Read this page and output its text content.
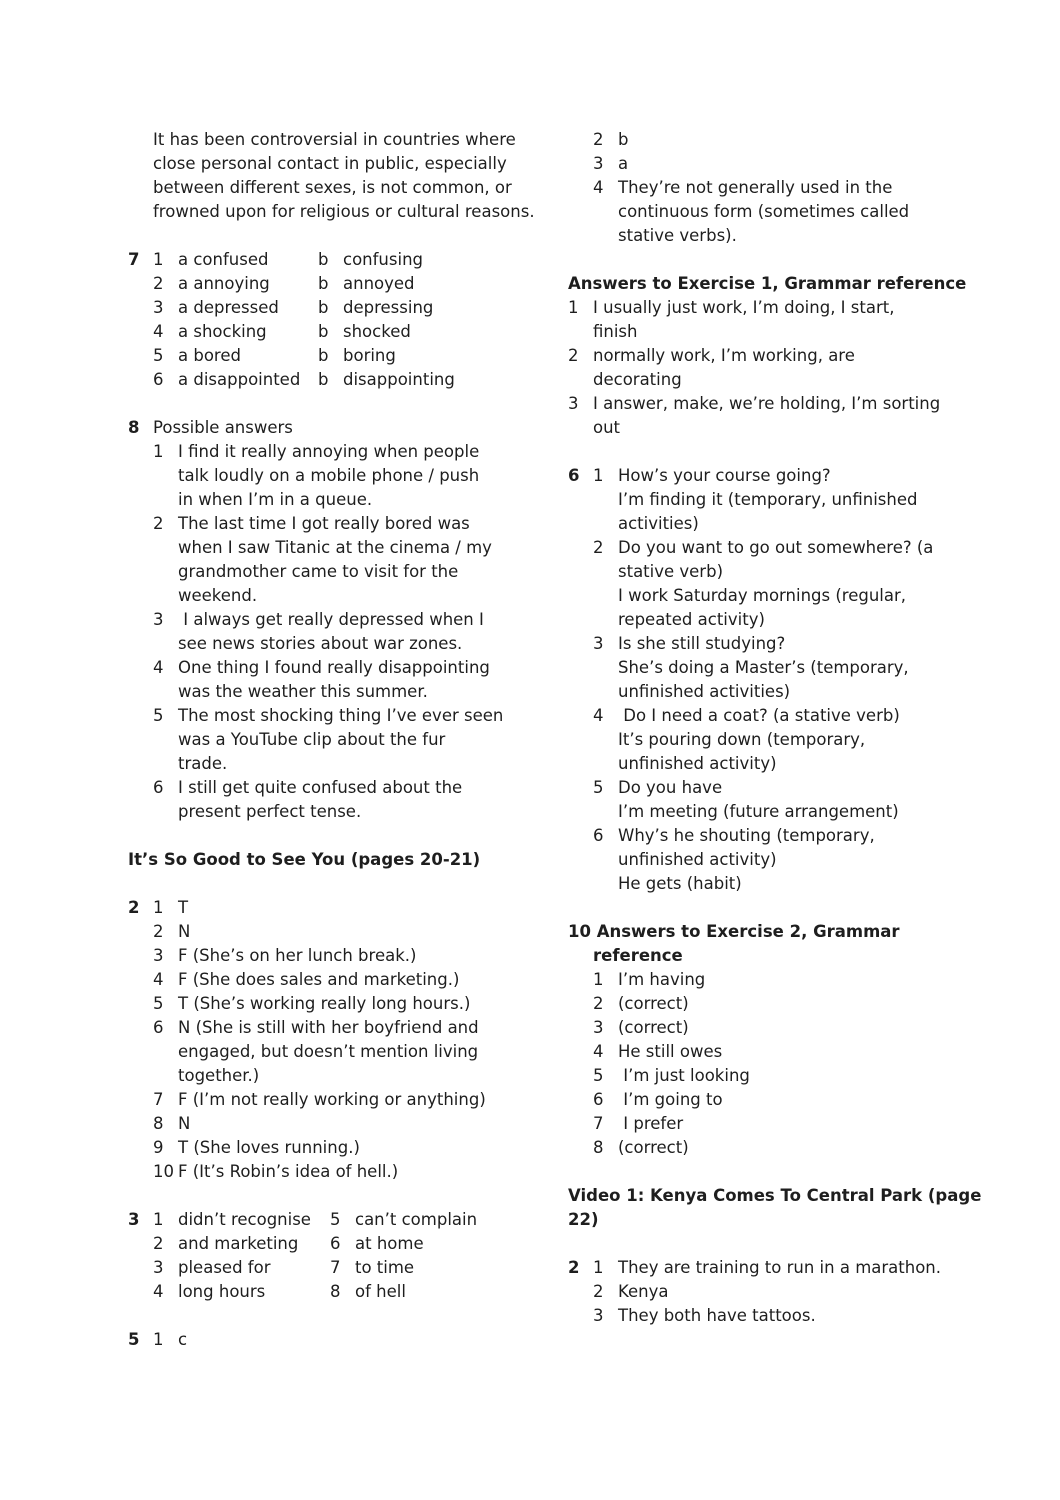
It has been controversial in countries where
close personal contact in public, especially
between different sexes, is not common, or
frowned upon for religious or cultural reasons.
7 1 a confused	b confusing
2 a annoying	b annoyed
3 a depressed b depressing
4 a shocking	b shocked
5 a bored	b boring
6 a disappointed b disappointing
8 Possible answers
1 I find it really annoying when people
talk loudly on a mobile phone / push
in when I’m in a queue.
2 The last time I got really bored was
when I saw Titanic at the cinema / my
grandmother came to visit for the
weekend.
3 I always get really depressed when I
see news stories about war zones.
4 One thing I found really disappointing
was the weather this summer.
5 The most shocking thing I’ve ever seen
was a YouTube clip about the fur
trade.
6 I still get quite confused about the
present perfect tense.
It’s So Good to See You (pages 20-21)
2 1 T
2 N
3 F (She’s on her lunch break.)
4 F (She does sales and marketing.)
5 T (She’s working really long hours.)
6 N (She is still with her boyfriend and
engaged, but doesn’t mention living
together.)
7 F (I’m not really working or anything)
8 N
9 T (She loves running.)
10 F (It’s Robin’s idea of hell.)
3 1 didn’t recognise 5 can’t complain
2 and marketing 6 at home
3 pleased for	7 to time
4 long hours	8 of hell
5 1 c
2 b
3 a
4 They’re not generally used in the
continuous form (sometimes called
stative verbs).
Answers to Exercise 1, Grammar reference
1 I usually just work, I’m doing, I start,
finish
2 normally work, I’m working, are
decorating
3 I answer, make, we’re holding, I’m sorting
out
6 1 How’s your course going?
I’m finding it (temporary, unfinished
activities)
2 Do you want to go out somewhere? (a
stative verb)
I work Saturday mornings (regular,
repeated activity)
3 Is she still studying?
She’s doing a Master’s (temporary,
unfinished activities)
4 Do I need a coat? (a stative verb)
It’s pouring down (temporary,
unfinished activity)
5 Do you have
I’m meeting (future arrangement)
6 Why’s he shouting (temporary,
unfinished activity)
He gets (habit)
10 Answers to Exercise 2, Grammar
reference
1 I’m having
2 (correct)
3 (correct)
4 He still owes
5 I’m just looking
6 I’m going to
7 I prefer
8 (correct)
Video 1: Kenya Comes To Central Park (page
22)
2 1 They are training to run in a marathon.
2 Kenya
3 They both have tattoos.
